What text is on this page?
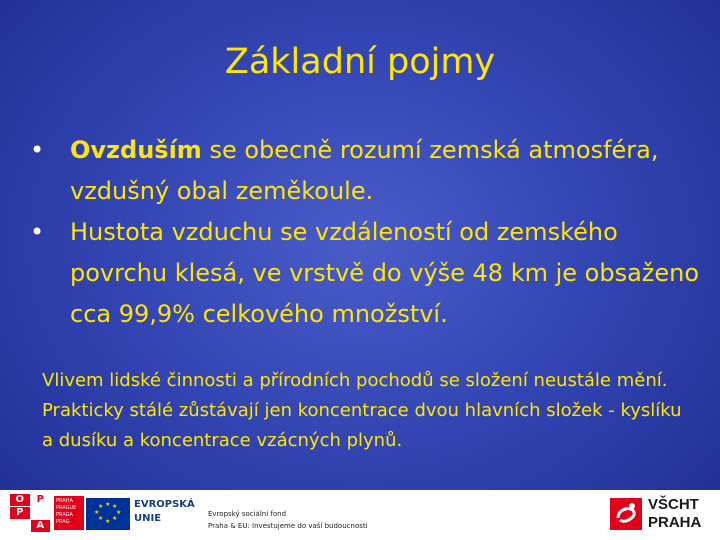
Základní pojmy
• Ovzduším se obecně rozumí zemská atmosféra, vzdušný obal zeměkoule.
• Hustota vzduchu se vzdáleností od zemského povrchu klesá, ve vrstvě do výše 48 km je obsaženo cca 99,9% celkového množství.

Vlivem lidské činnosti a přírodních pochodů se složení neustále mění. Prakticky stálé zůstávají jen koncentrace dvou hlavních složek - kyslíku a dusíku a koncentrace vzácných plynů.

O	P
P
A
PRAHA
PRAGUE
PRAGA
PRAG
★ ★
★
★
★
★
★
★	EVROPSKÁ
UNIE	Evropský sociální fond
Praha & EU: Investujeme do vaší budoucnosti
VŠCHT
PRAHA
